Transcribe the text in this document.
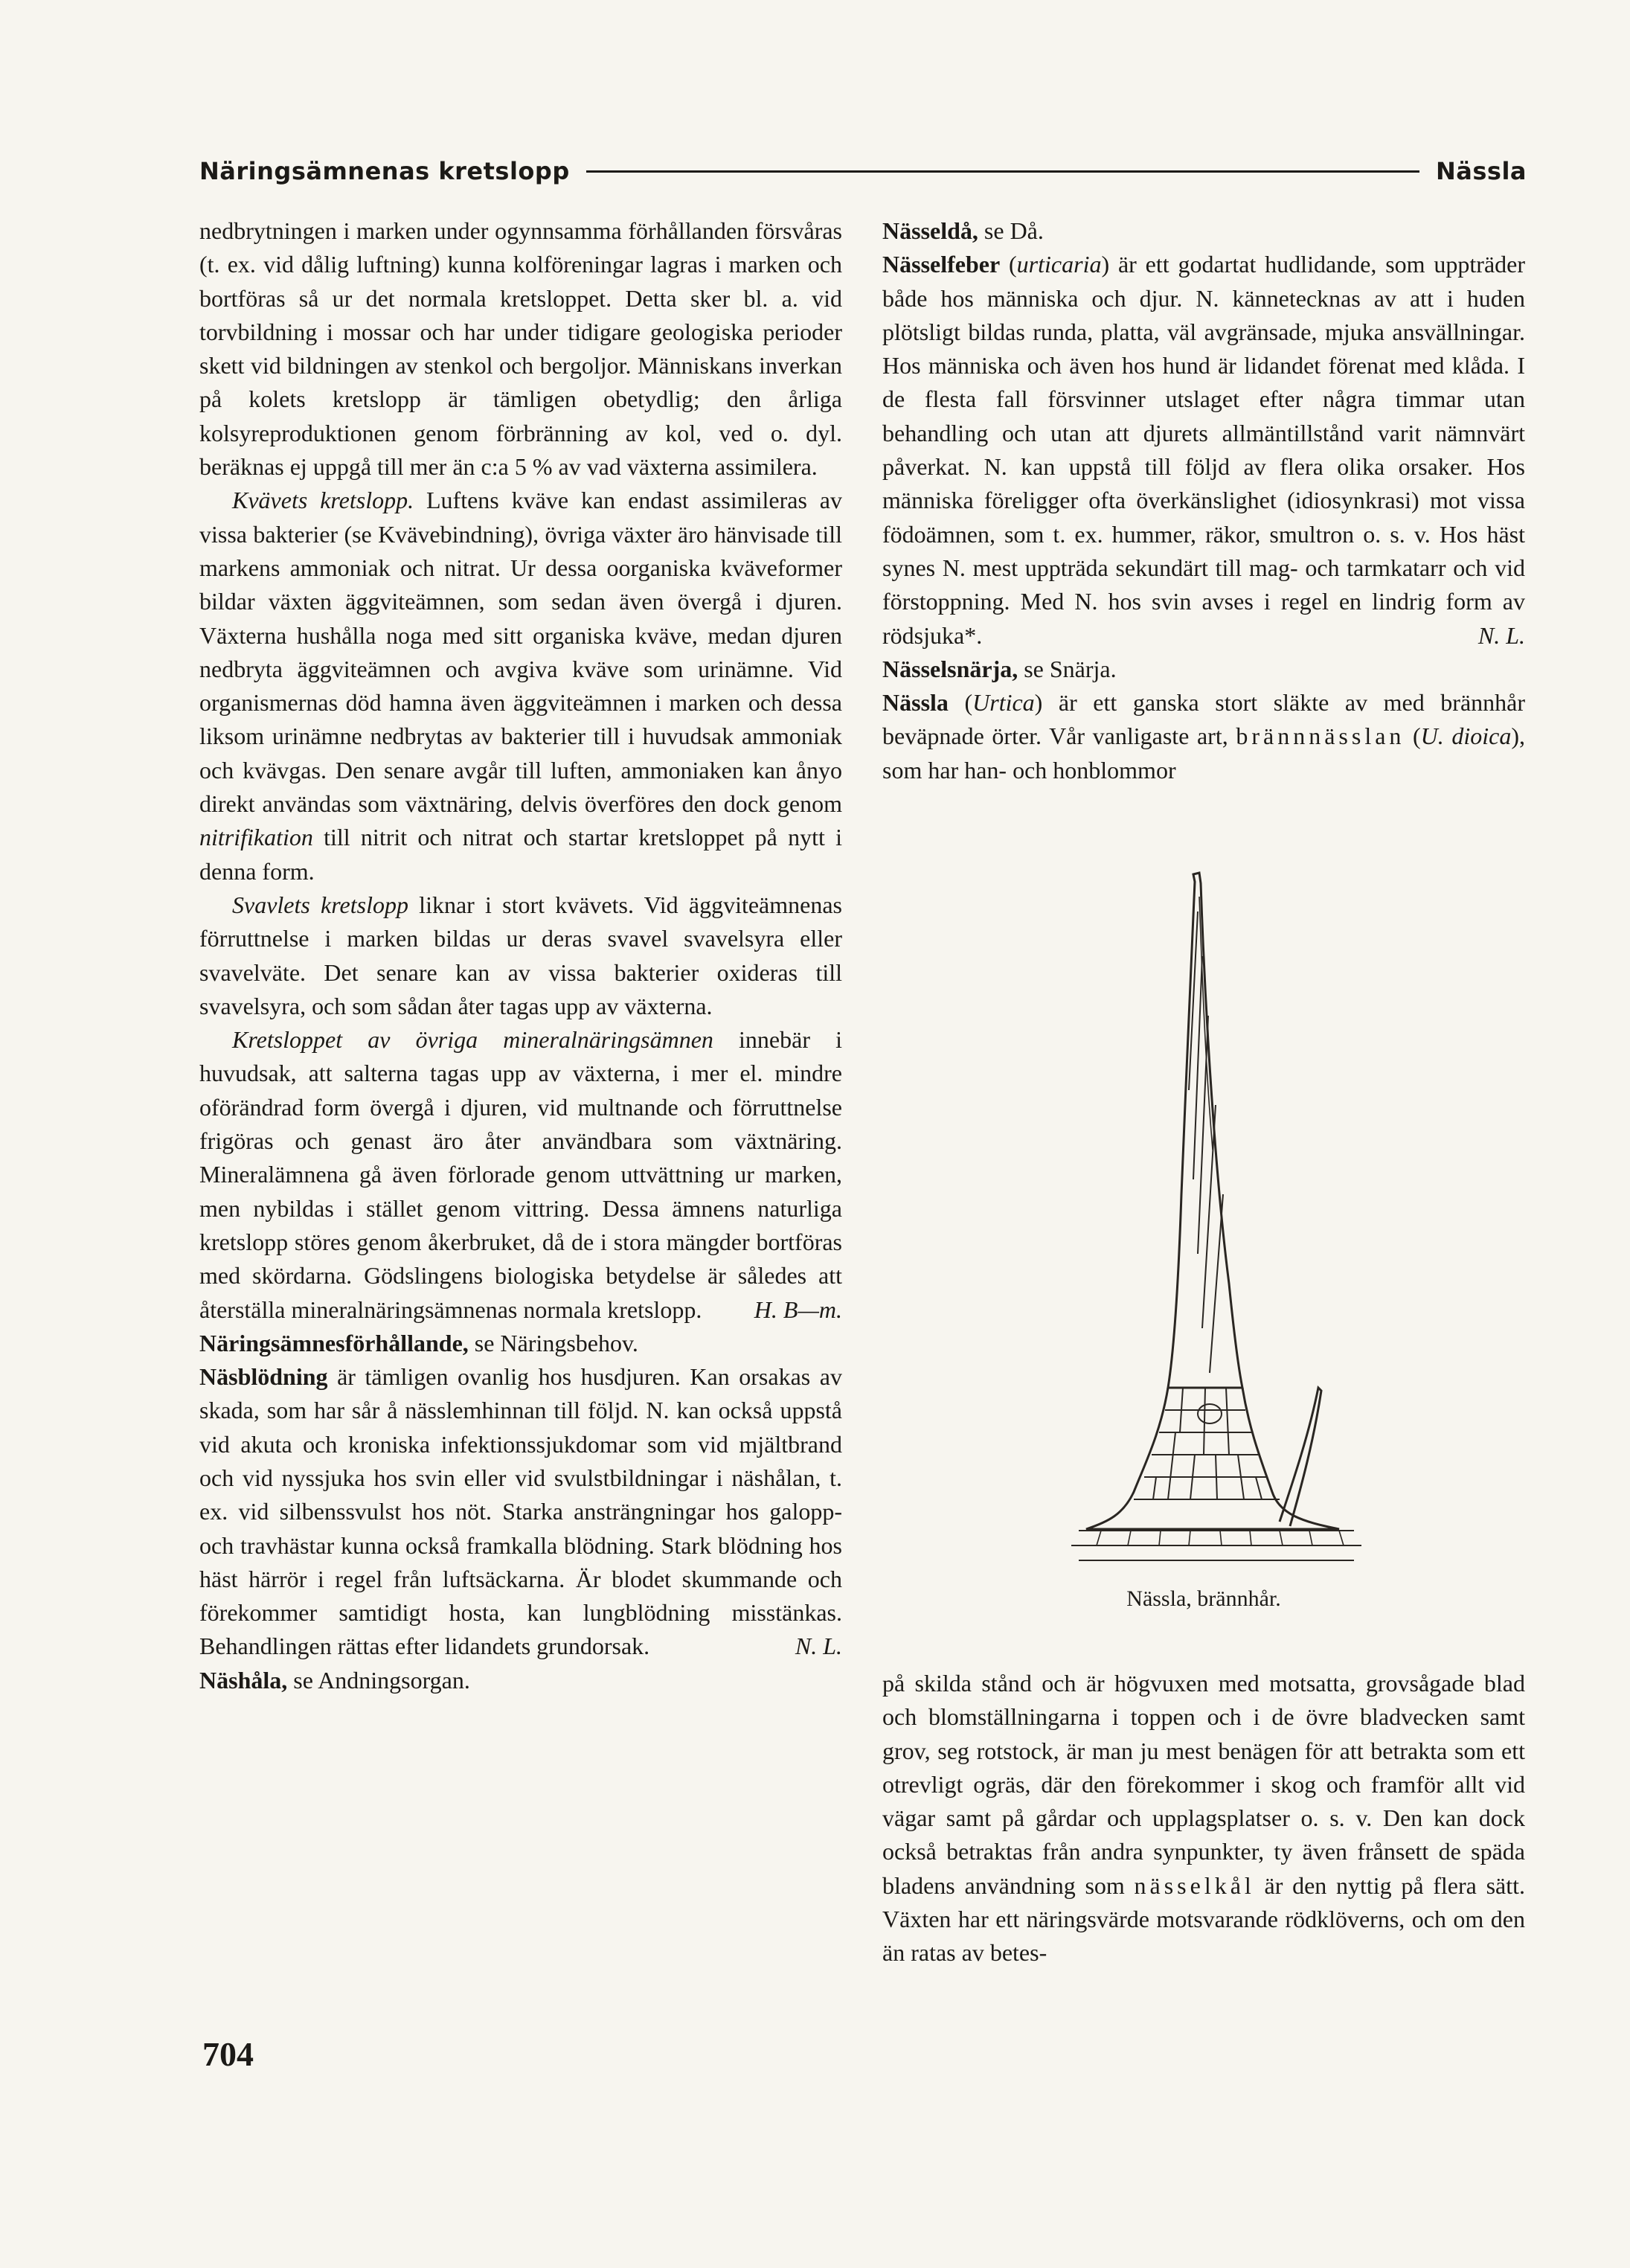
Näringsämnenas kretslopp	Nässla

nedbrytningen i marken under ogynnsamma förhållanden försvåras (t. ex. vid dålig luftning) kunna kolföreningar lagras i marken och bortföras så ur det normala kretsloppet. Detta sker bl. a. vid torvbildning i mossar och har under tidigare geologiska perioder skett vid bildningen av stenkol och bergoljor. Människans inverkan på kolets kretslopp är tämligen obetydlig; den årliga kolsyreproduktionen genom förbränning av kol, ved o. dyl. beräknas ej uppgå till mer än c:a 5 % av vad växterna assimilera.

Kvävets kretslopp. Luftens kväve kan endast assimileras av vissa bakterier (se Kvävebindning), övriga växter äro hänvisade till markens ammoniak och nitrat. Ur dessa oorganiska kväveformer bildar växten äggviteämnen, som sedan även övergå i djuren. Växterna hushålla noga med sitt organiska kväve, medan djuren nedbryta äggviteämnen och avgiva kväve som urinämne. Vid organismernas död hamna även äggviteämnen i marken och dessa liksom urinämne nedbrytas av bakterier till i huvudsak ammoniak och kvävgas. Den senare avgår till luften, ammoniaken kan ånyo direkt användas som växtnäring, delvis överföres den dock genom nitrifikation till nitrit och nitrat och startar kretsloppet på nytt i denna form.

Svavlets kretslopp liknar i stort kvävets. Vid äggviteämnenas förruttnelse i marken bildas ur deras svavel svavelsyra eller svavelväte. Det senare kan av vissa bakterier oxideras till svavelsyra, och som sådan åter tagas upp av växterna.

Kretsloppet av övriga mineralnäringsämnen innebär i huvudsak, att salterna tagas upp av växterna, i mer el. mindre oförändrad form övergå i djuren, vid multnande och förruttnelse frigöras och genast äro åter användbara som växtnäring. Mineralämnena gå även förlorade genom uttvättning ur marken, men nybildas i stället genom vittring. Dessa ämnens naturliga kretslopp störes genom åkerbruket, då de i stora mängder bortföras med skördarna. Gödslingens biologiska betydelse är således att återställa mineralnäringsämnenas normala kretslopp.	H. B—m.

Näringsämnesförhållande, se Näringsbehov.

Näsblödning är tämligen ovanlig hos husdjuren. Kan orsakas av skada, som har sår å nässlemhinnan till följd. N. kan också uppstå vid akuta och kroniska infektionssjukdomar som vid mjältbrand och vid nyssjuka hos svin eller vid svulstbildningar i näshålan, t. ex. vid silbenssvulst hos nöt. Starka ansträngningar hos galopp- och travhästar kunna också framkalla blödning. Stark blödning hos häst härrör i regel från luftsäckarna. Är blodet skummande och förekommer samtidigt hosta, kan lungblödning misstänkas. Behandlingen rättas efter lidandets grundorsak.	N. L.

Näshåla, se Andningsorgan.

Nässeldå, se Då.

Nässelfeber (urticaria) är ett godartat hudlidande, som uppträder både hos människa och djur. N. kännetecknas av att i huden plötsligt bildas runda, platta, väl avgränsade, mjuka ansvällningar. Hos människa och även hos hund är lidandet förenat med klåda. I de flesta fall försvinner utslaget efter några timmar utan behandling och utan att djurets allmäntillstånd varit nämnvärt påverkat. N. kan uppstå till följd av flera olika orsaker. Hos människa föreligger ofta överkänslighet (idiosynkrasi) mot vissa födoämnen, som t. ex. hummer, räkor, smultron o. s. v. Hos häst synes N. mest uppträda sekundärt till mag- och tarmkatarr och vid förstoppning. Med N. hos svin avses i regel en lindrig form av rödsjuka*.	N. L.

Nässelsnärja, se Snärja.

Nässla (Urtica) är ett ganska stort släkte av med brännhår beväpnade örter. Vår vanligaste art, brännnässlan (U. dioica), som har han- och honblommor

Nässla, brännhår.

på skilda stånd och är högvuxen med motsatta, grovsågade blad och blomställningarna i toppen och i de övre bladvecken samt grov, seg rotstock, är man ju mest benägen för att betrakta som ett otrevligt ogräs, där den förekommer i skog och framför allt vid vägar samt på gårdar och upplagsplatser o. s. v. Den kan dock också betraktas från andra synpunkter, ty även frånsett de späda bladens användning som nässelkål är den nyttig på flera sätt. Växten har ett näringsvärde motsvarande rödklöverns, och om den än ratas av betes-

704
